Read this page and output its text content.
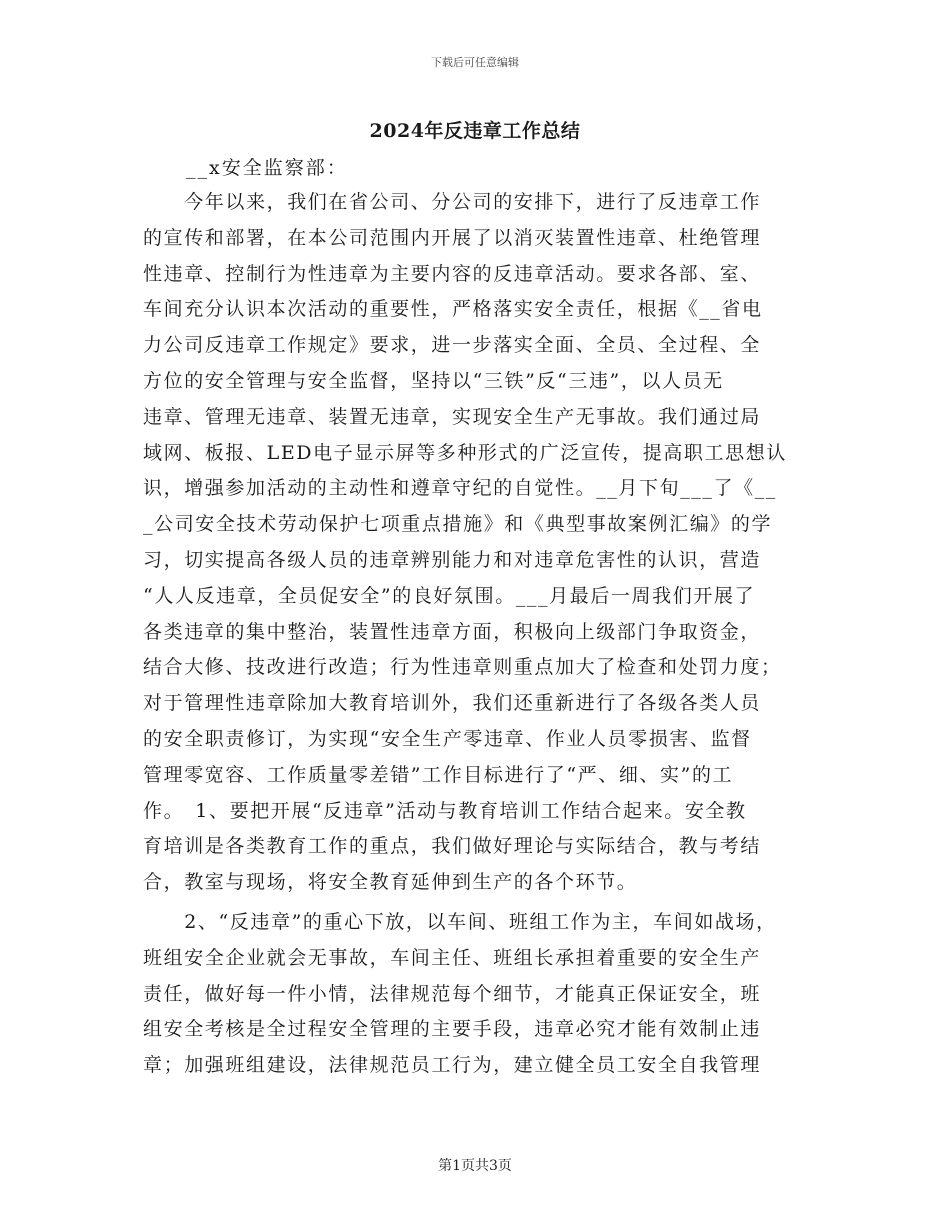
下载后可任意编辑
2024年反违章工作总结
__x安全监察部：
　　今年以来，我们在省公司、分公司的安排下，进行了反违章工作
的宣传和部署，在本公司范围内开展了以消灭装置性违章、杜绝管理
性违章、控制行为性违章为主要内容的反违章活动。要求各部、室、
车间充分认识本次活动的重要性，严格落实安全责任，根据《__省电
力公司反违章工作规定》要求，进一步落实全面、全员、全过程、全
方位的安全管理与安全监督，坚持以“三铁”反“三违”，以人员无
违章、管理无违章、装置无违章，实现安全生产无事故。我们通过局
域网、板报、LED电子显示屏等多种形式的广泛宣传，提高职工思想认
识，增强参加活动的主动性和遵章守纪的自觉性。__月下旬___了《__
_公司安全技术劳动保护七项重点措施》和《典型事故案例汇编》的学
习，切实提高各级人员的违章辨别能力和对违章危害性的认识，营造
“人人反违章，全员促安全”的良好氛围。___月最后一周我们开展了
各类违章的集中整治，装置性违章方面，积极向上级部门争取资金，
结合大修、技改进行改造；行为性违章则重点加大了检查和处罚力度；
对于管理性违章除加大教育培训外，我们还重新进行了各级各类人员
的安全职责修订，为实现“安全生产零违章、作业人员零损害、监督
管理零宽容、工作质量零差错”工作目标进行了“严、细、实”的工
作。　1、要把开展“反违章”活动与教育培训工作结合起来。安全教
育培训是各类教育工作的重点，我们做好理论与实际结合，教与考结
合，教室与现场，将安全教育延伸到生产的各个环节。
　　2、“反违章”的重心下放，以车间、班组工作为主，车间如战场，
班组安全企业就会无事故，车间主任、班组长承担着重要的安全生产
责任，做好每一件小情，法律规范每个细节，才能真正保证安全，班
组安全考核是全过程安全管理的主要手段，违章必究才能有效制止违
章；加强班组建设，法律规范员工行为，建立健全员工安全自我管理
第1页共3页
